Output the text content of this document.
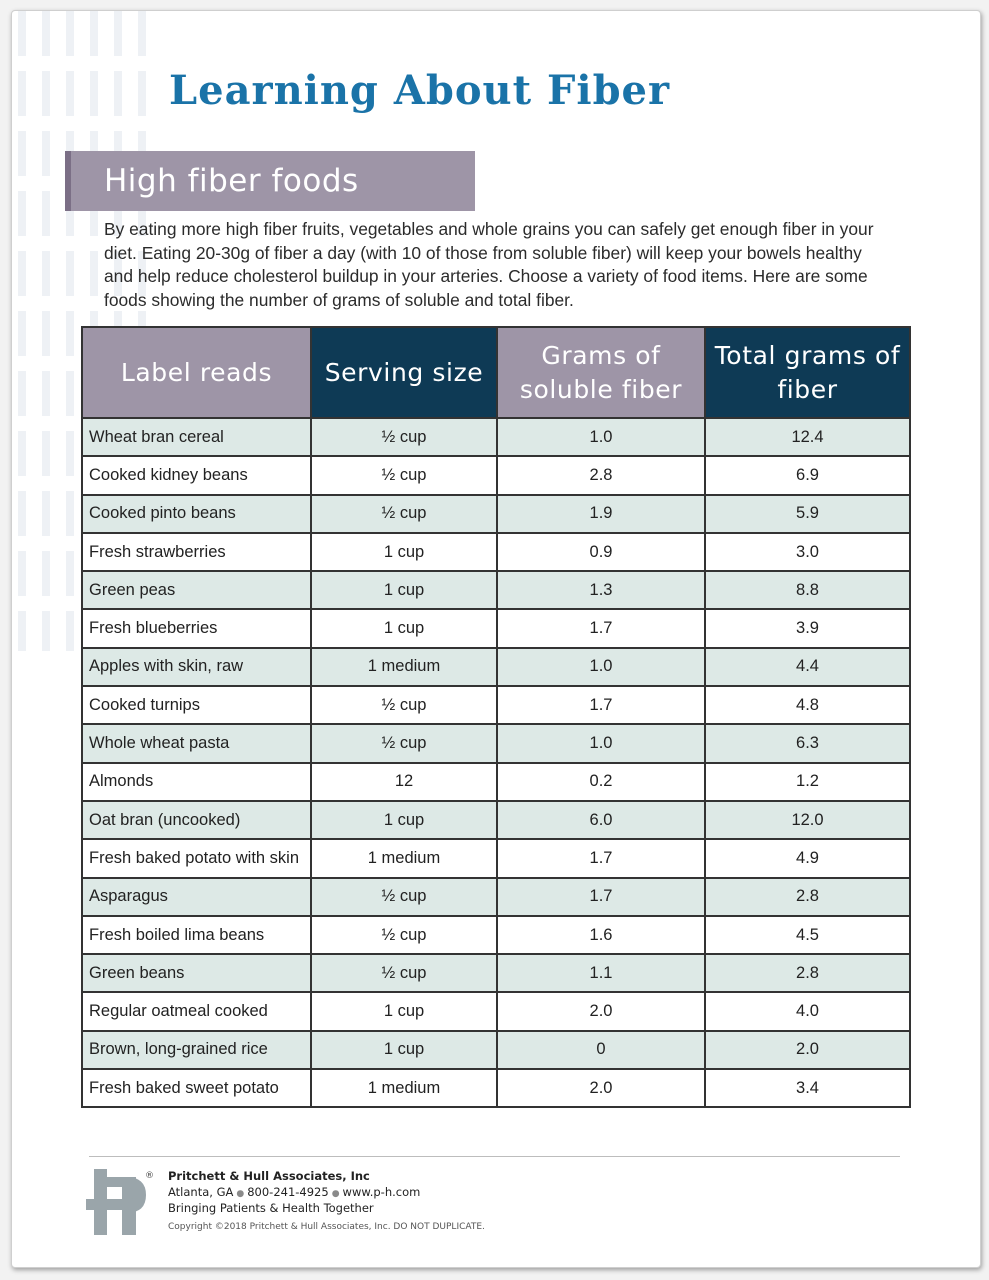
Learning About Fiber
High fiber foods

By eating more high fiber fruits, vegetables and whole grains you can safely get enough fiber in your diet. Eating 20-30g of fiber a day (with 10 of those from soluble fiber) will keep your bowels healthy and help reduce cholesterol buildup in your arteries. Choose a variety of food items. Here are some foods showing the number of grams of soluble and total fiber.

Label reads	Serving size	Grams of soluble fiber	Total grams of fiber
Wheat bran cereal	½ cup	1.0	12.4
Cooked kidney beans	½ cup	2.8	6.9
Cooked pinto beans	½ cup	1.9	5.9
Fresh strawberries	1 cup	0.9	3.0
Green peas	1 cup	1.3	8.8
Fresh blueberries	1 cup	1.7	3.9
Apples with skin, raw	1 medium	1.0	4.4
Cooked turnips	½ cup	1.7	4.8
Whole wheat pasta	½ cup	1.0	6.3
Almonds	12	0.2	1.2
Oat bran (uncooked)	1 cup	6.0	12.0
Fresh baked potato with skin	1 medium	1.7	4.9
Asparagus	½ cup	1.7	2.8
Fresh boiled lima beans	½ cup	1.6	4.5
Green beans	½ cup	1.1	2.8
Regular oatmeal cooked	1 cup	2.0	4.0
Brown, long-grained rice	1 cup	0	2.0
Fresh baked sweet potato	1 medium	2.0	3.4
® Pritchett & Hull Associates, Inc

Atlanta, GA ● 800-241-4925 ● www.p-h.com

Bringing Patients & Health Together

Copyright ©2018 Pritchett & Hull Associates, Inc. DO NOT DUPLICATE.
